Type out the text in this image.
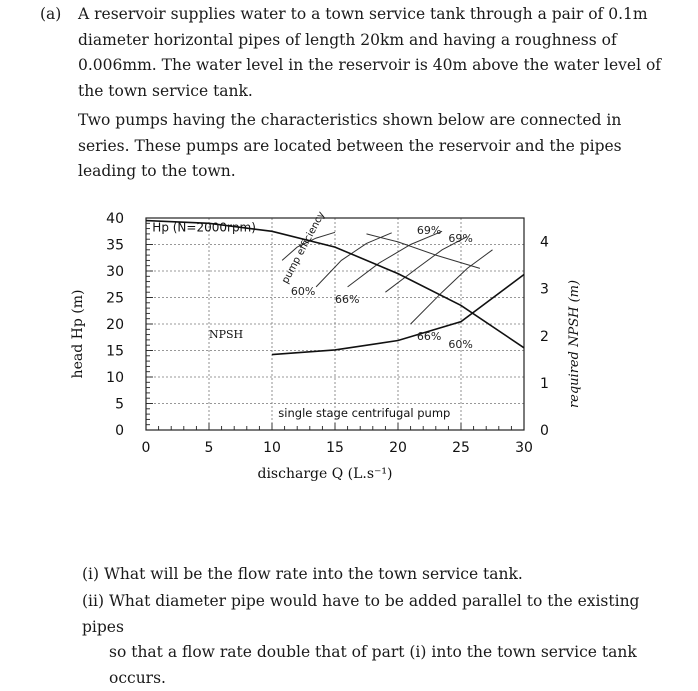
(a)	A reservoir supplies water to a town service tank through a pair of 0.1m diameter horizontal pipes of length 20km and having a roughness of 0.006mm. The water level in the reservoir is 40m above the water level of the town service tank.

Two pumps having the characteristics shown below are connected in series. These pumps are located between the reservoir and the pipes leading to the town.

0	5	10	15	20	25	30
0
5
10
15
20
25
30
35
40
0
1
2
3
4
60%
66%
69%
69%
66%
60%
Hp (N=2000rpm)
NPSH
single stage centrifugal pump
pump efficiency
discharge Q (L.s⁻¹)
head Hp (m)	required NPSH (m)
(i) What will be the flow rate into the town service tank.
(ii) What diameter pipe would have to be added parallel to the existing pipes
so that a flow rate double that of part (i) into the town service tank occurs.
